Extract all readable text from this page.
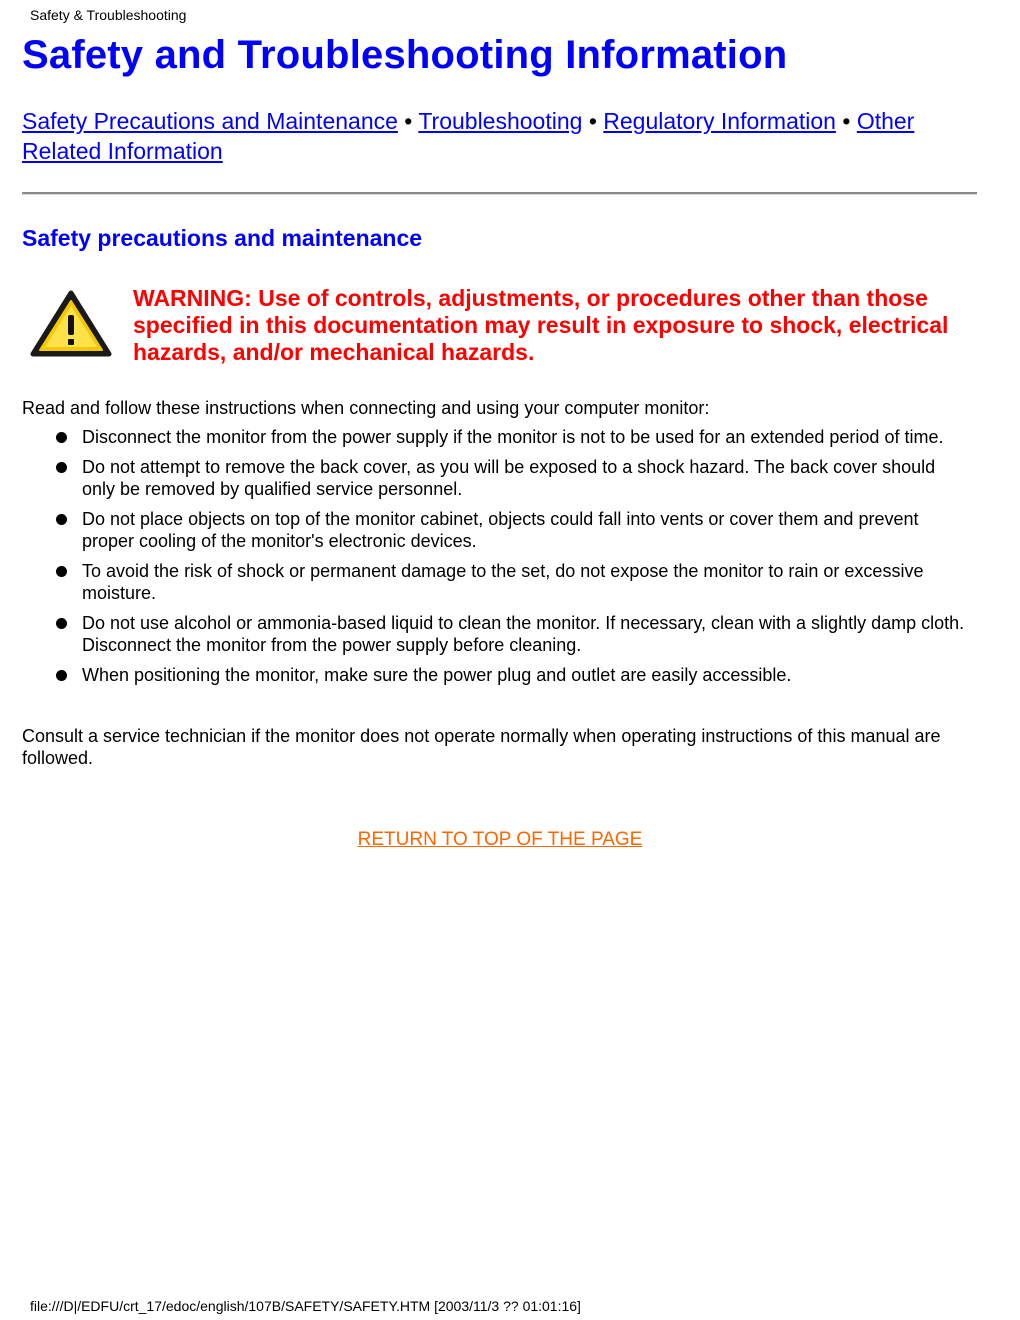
Safety & Troubleshooting
Safety and Troubleshooting Information
Safety Precautions and Maintenance • Troubleshooting • Regulatory Information • Other Related Information
Safety precautions and maintenance
WARNING: Use of controls, adjustments, or procedures other than those specified in this documentation may result in exposure to shock, electrical hazards, and/or mechanical hazards.
Read and follow these instructions when connecting and using your computer monitor:
Disconnect the monitor from the power supply if the monitor is not to be used for an extended period of time.
Do not attempt to remove the back cover, as you will be exposed to a shock hazard. The back cover should only be removed by qualified service personnel.
Do not place objects on top of the monitor cabinet, objects could fall into vents or cover them and prevent proper cooling of the monitor's electronic devices.
To avoid the risk of shock or permanent damage to the set, do not expose the monitor to rain or excessive moisture.
Do not use alcohol or ammonia-based liquid to clean the monitor. If necessary, clean with a slightly damp cloth. Disconnect the monitor from the power supply before cleaning.
When positioning the monitor, make sure the power plug and outlet are easily accessible.
Consult a service technician if the monitor does not operate normally when operating instructions of this manual are followed.
RETURN TO TOP OF THE PAGE
file:///D|/EDFU/crt_17/edoc/english/107B/SAFETY/SAFETY.HTM [2003/11/3 ?? 01:01:16]
